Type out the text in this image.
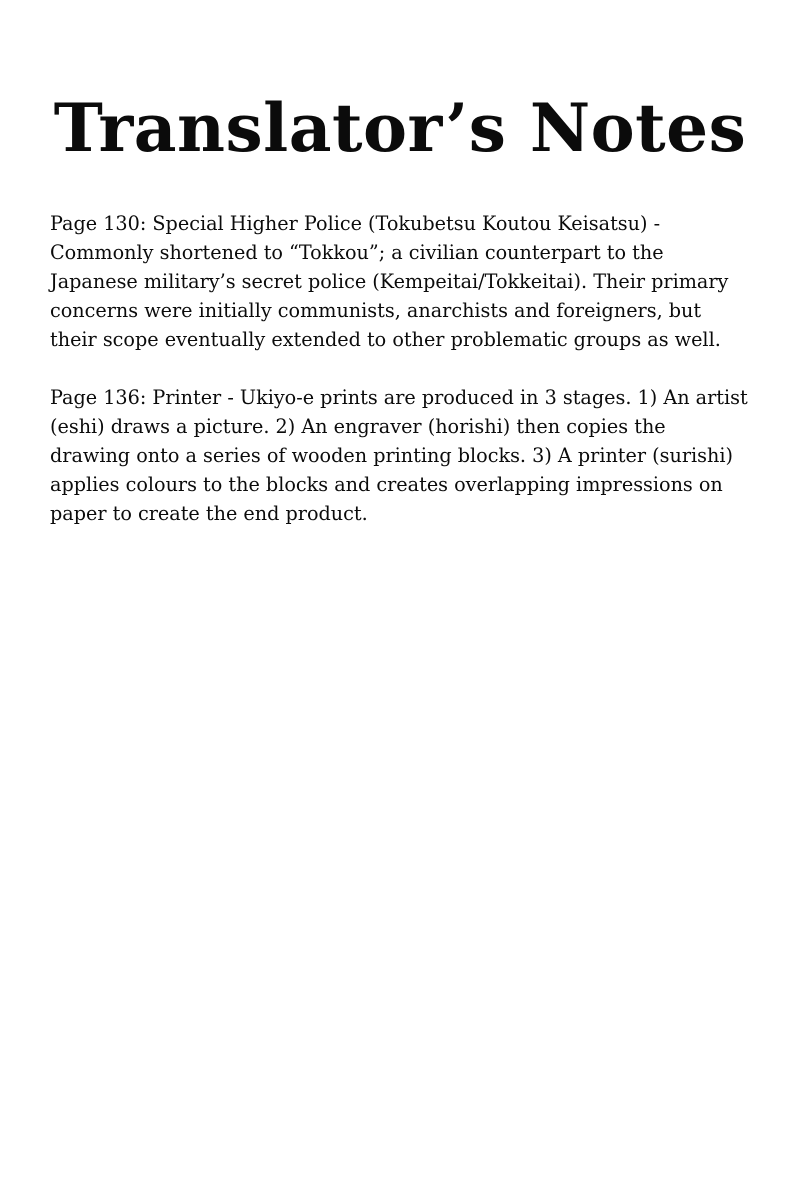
Translator’s Notes

Page 130: Special Higher Police (Tokubetsu Koutou Keisatsu) - Commonly shortened to “Tokkou”; a civilian counterpart to the Japanese military’s secret police (Kempeitai/Tokkeitai). Their primary concerns were initially communists, anarchists and foreigners, but their scope eventually extended to other problematic groups as well.

Page 136: Printer - Ukiyo-e prints are produced in 3 stages. 1) An artist (eshi) draws a picture. 2) An engraver (horishi) then copies the drawing onto a series of wooden printing blocks. 3) A printer (surishi) applies colours to the blocks and creates overlapping impressions on paper to create the end product.
